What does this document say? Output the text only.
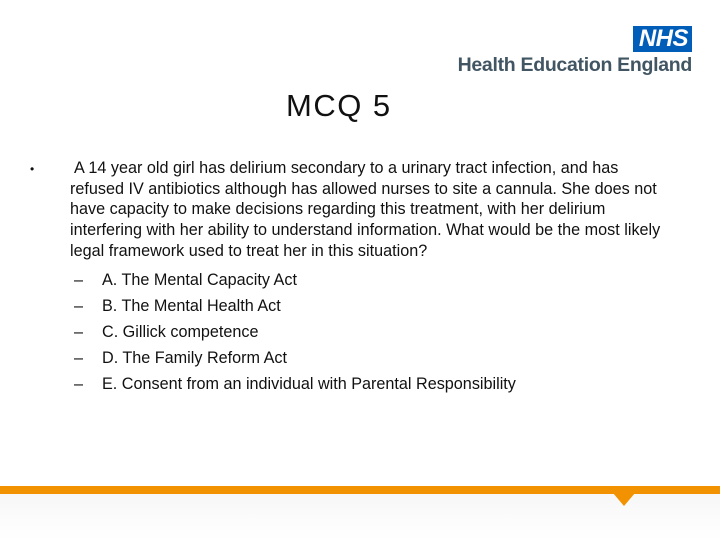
NHS
Health Education England
MCQ 5
• A 14 year old girl has delirium secondary to a urinary tract infection, and has refused IV antibiotics although has allowed nurses to site a cannula. She does not have capacity to make decisions regarding this treatment, with her delirium interfering with her ability to understand information. What would be the most likely legal framework used to treat her in this situation?
– A. The Mental Capacity Act
– B. The Mental Health Act
– C. Gillick competence
– D. The Family Reform Act
– E. Consent from an individual with Parental Responsibility
